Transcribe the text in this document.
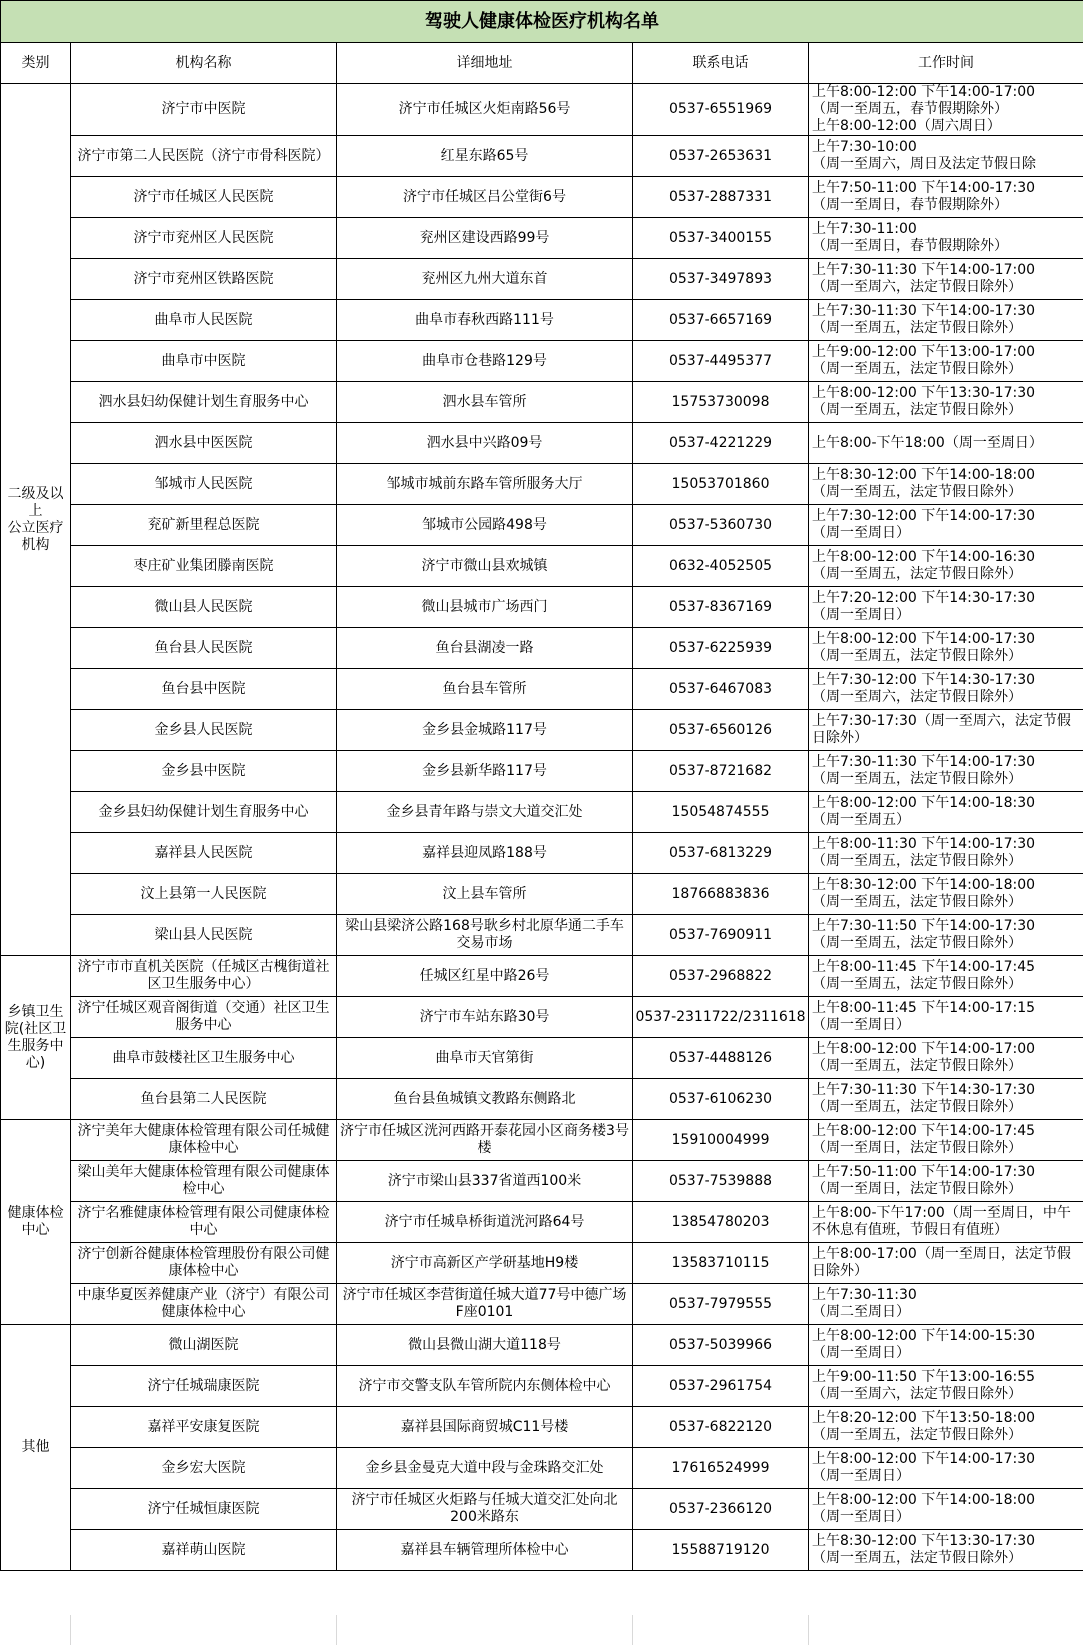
驾驶人健康体检医疗机构名单				
类别	机构名称	详细地址	联系电话	工作时间
二级及以上
公立医疗机构	济宁市中医院	济宁市任城区火炬南路56号	0537-6551969	上午8:00-12:00 下午14:00-17:00
（周一至周五，春节假期除外）
上午8:00-12:00（周六周日）
	济宁市第二人民医院（济宁市骨科医院）	红星东路65号	0537-2653631	上午7:30-10:00
（周一至周六，周日及法定节假日除
	济宁市任城区人民医院	济宁市任城区吕公堂街6号	0537-2887331	上午7:50-11:00 下午14:00-17:30
（周一至周日，春节假期除外）
	济宁市兖州区人民医院	兖州区建设西路99号	0537-3400155	上午7:30-11:00
（周一至周日，春节假期除外）
	济宁市兖州区铁路医院	兖州区九州大道东首	0537-3497893	上午7:30-11:30 下午14:00-17:00
（周一至周六，法定节假日除外）
	曲阜市人民医院	曲阜市春秋西路111号	0537-6657169	上午7:30-11:30 下午14:00-17:30
（周一至周五，法定节假日除外）
	曲阜市中医院	曲阜市仓巷路129号	0537-4495377	上午9:00-12:00 下午13:00-17:00
（周一至周五，法定节假日除外）
	泗水县妇幼保健计划生育服务中心	泗水县车管所	15753730098	上午8:00-12:00 下午13:30-17:30
（周一至周五，法定节假日除外）
	泗水县中医医院	泗水县中兴路09号	0537-4221229	上午8:00-下午18:00（周一至周日）
	邹城市人民医院	邹城市城前东路车管所服务大厅	15053701860	上午8:30-12:00 下午14:00-18:00
（周一至周五，法定节假日除外）
	兖矿新里程总医院	邹城市公园路498号	0537-5360730	上午7:30-12:00 下午14:00-17:30
（周一至周日）
	枣庄矿业集团滕南医院	济宁市微山县欢城镇	0632-4052505	上午8:00-12:00 下午14:00-16:30
（周一至周五，法定节假日除外）
	微山县人民医院	微山县城市广场西门	0537-8367169	上午7:20-12:00 下午14:30-17:30
（周一至周日）
	鱼台县人民医院	鱼台县湖凌一路	0537-6225939	上午8:00-12:00 下午14:00-17:30
（周一至周五，法定节假日除外）
	鱼台县中医院	鱼台县车管所	0537-6467083	上午7:30-12:00 下午14:30-17:30
（周一至周六，法定节假日除外）
	金乡县人民医院	金乡县金城路117号	0537-6560126	上午7:30-17:30（周一至周六，法定节假日除外）
	金乡县中医院	金乡县新华路117号	0537-8721682	上午7:30-11:30 下午14:00-17:30
（周一至周五，法定节假日除外）
	金乡县妇幼保健计划生育服务中心	金乡县青年路与崇文大道交汇处	15054874555	上午8:00-12:00 下午14:00-18:30
（周一至周五）
	嘉祥县人民医院	嘉祥县迎凤路188号	0537-6813229	上午8:00-11:30 下午14:00-17:30
（周一至周五，法定节假日除外）
	汶上县第一人民医院	汶上县车管所	18766883836	上午8:30-12:00 下午14:00-18:00
（周一至周五，法定节假日除外）
	梁山县人民医院	梁山县梁济公路168号耿乡村北原华通二手车交易市场	0537-7690911	上午7:30-11:50 下午14:00-17:30
（周一至周五，法定节假日除外）
乡镇卫生院(社区卫生服务中心)	济宁市市直机关医院（任城区古槐街道社区卫生服务中心）	任城区红星中路26号	0537-2968822	上午8:00-11:45 下午14:00-17:45
（周一至周五，法定节假日除外）
	济宁任城区观音阁街道（交通）社区卫生服务中心	济宁市车站东路30号	0537-2311722/2311618	上午8:00-11:45 下午14:00-17:15
（周一至周日）
	曲阜市鼓楼社区卫生服务中心	曲阜市天官第街	0537-4488126	上午8:00-12:00 下午14:00-17:00
（周一至周五，法定节假日除外）
	鱼台县第二人民医院	鱼台县鱼城镇文教路东侧路北	0537-6106230	上午7:30-11:30 下午14:30-17:30
（周一至周五，法定节假日除外）
健康体检中心	济宁美年大健康体检管理有限公司任城健康体检中心	济宁市任城区洸河西路开泰花园小区商务楼3号楼	15910004999	上午8:00-12:00 下午14:00-17:45
（周一至周日，法定节假日除外）
	梁山美年大健康体检管理有限公司健康体检中心	济宁市梁山县337省道西100米	0537-7539888	上午7:50-11:00 下午14:00-17:30
（周一至周日，法定节假日除外）
	济宁名雅健康体检管理有限公司健康体检中心	济宁市任城阜桥街道洸河路64号	13854780203	上午8:00-下午17:00（周一至周日，中午不休息有值班，节假日有值班）
	济宁创新谷健康体检管理股份有限公司健康体检中心	济宁市高新区产学研基地H9楼	13583710115	上午8:00-17:00（周一至周日，法定节假日除外）
	中康华夏医养健康产业（济宁）有限公司健康体检中心	济宁市任城区李营街道任城大道77号中德广场F座0101	0537-7979555	上午7:30-11:30
（周二至周日）
其他	微山湖医院	微山县微山湖大道118号	0537-5039966	上午8:00-12:00 下午14:00-15:30
（周一至周日）
	济宁任城瑞康医院	济宁市交警支队车管所院内东侧体检中心	0537-2961754	上午9:00-11:50 下午13:00-16:55
（周一至周六，法定节假日除外）
	嘉祥平安康复医院	嘉祥县国际商贸城C11号楼	0537-6822120	上午8:20-12:00 下午13:50-18:00
（周一至周五，法定节假日除外）
	金乡宏大医院	金乡县金曼克大道中段与金珠路交汇处	17616524999	上午8:00-12:00 下午14:00-17:30
（周一至周日）
	济宁任城恒康医院	济宁市任城区火炬路与任城大道交汇处向北200米路东	0537-2366120	上午8:00-12:00 下午14:00-18:00
（周一至周日）
	嘉祥萌山医院	嘉祥县车辆管理所体检中心	15588719120	上午8:30-12:00 下午13:30-17:30
（周一至周五，法定节假日除外）
